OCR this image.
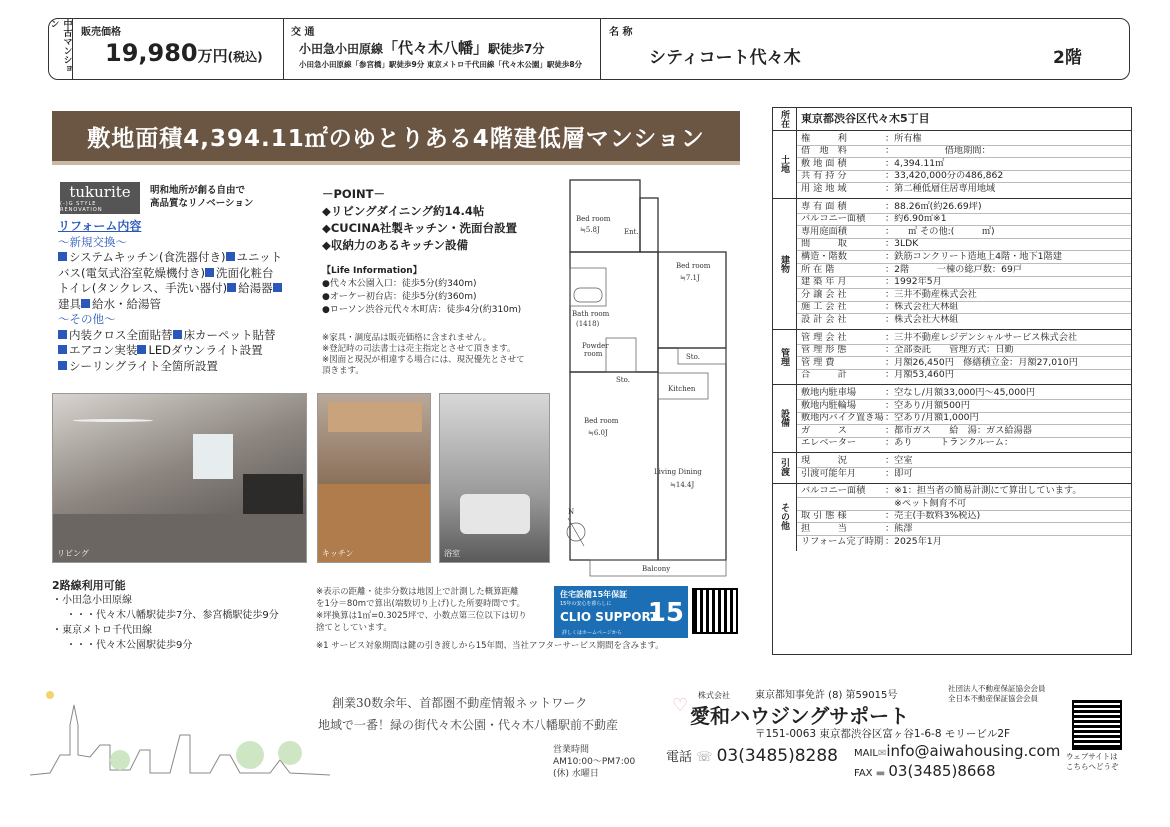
中古マンション
販売価格
19,980万円(税込)
交 通
小田急小田原線「代々木八幡」駅徒歩7分
小田急小田原線「参宮橋」駅徒歩9分 東京メトロ千代田線「代々木公園」駅徒歩8分
名 称
シティコート代々木	2階
敷地面積4,394.11㎡のゆとりある4階建低層マンション
tukurite
(-)G STYLE RENOVATION
明和地所が創る自由で
高品質なリノベーション
リフォーム内容
～新規交換～
システムキッチン(食洗器付き) ユニット
バス(電気式浴室乾燥機付き) 洗面化粧台
トイレ(タンクレス、手洗い器付) 給湯器
建具 給水・給湯管
～その他～
内装クロス全面貼替 床カーペット貼替
エアコン実装 LEDダウンライト設置
シーリングライト全箇所設置
－POINT－
◆リビングダイニング約14.4帖
◆CUCINA社製キッチン・洗面台設置
◆収納力のあるキッチン設備
【Life Information】
●代々木公園入口：徒歩5分(約340m)
●オーケー初台店：徒歩5分(約360m)
●ローソン渋谷元代々木町店：徒歩4分(約310m)
※家具・調度品は販売価格に含まれません。
※登記時の司法書士は売主指定とさせて頂きます。
※図面と現況が相違する場合には、現況優先とさせて
頂きます。
Bed room
≒5.8J	Ent.
Bed room
≒7.1J
Bath room
(1418)
Powder
room	Sto.
Sto.
Kitchen
Bed room
≒6.0J
Living Dining
≒14.4J
Balcony
N
リビング	キッチン	浴室
2路線利用可能
・小田急小田原線
・・・代々木八幡駅徒歩7分、参宮橋駅徒歩9分
・東京メトロ千代田線
・・・代々木公園駅徒歩9分
※表示の距離・徒歩分数は地図上で計測した概算距離
を1分＝80mで算出(端数切り上げ)した所要時間です。
※坪換算は1㎡=0.3025坪で、小数点第三位以下は切り
捨てとしています。
住宅設備15年保証
15年の安心を暮らしに
CLIO SUPPORT
15
詳しくはホームページから
※1 サービス対象期間は鍵の引き渡しから15年間、当社アフターサービス期間を含みます。
所在	東京都渋谷区代々木5丁目
土地
権　　　利	：所有権
借　地　料	：　　　　　　借地期間：
敷 地 面 積	：4,394.11㎡
共 有 持 分	：33,420,000分の486,862
用 途 地 域	：第二種低層住居専用地域
建物
専 有 面 積	：88.26㎡(約26.69坪)
バルコニー面積 ：約6.90㎡※1
専用庭面積	：　　㎡ その他:(　　　㎡)
間　　　取	：3LDK
構造・階数	：鉄筋コンクリート造地上4階・地下1階建
所 在 階	：2階　　　一棟の総戸数：69戸
建 築 年 月	：1992年5月
分 譲 会 社	：三井不動産株式会社
施 工 会 社	：株式会社大林組
設 計 会 社	：株式会社大林組
管理
管 理 会 社	：三井不動産レジデンシャルサービス株式会社
管 理 形 態	：全部委託　　管理方式：日勤
管 理 費	：月額26,450円　修繕積立金：月額27,010円
合　　　計	：月額53,460円
設備
敷地内駐車場	：空なし/月額33,000円～45,000円
敷地内駐輪場	：空あり/月額500円
敷地内バイク置き場：空あり/月額1,000円
ガ　　　ス	：都市ガス　　給　湯：ガス給湯器
エレベーター	：あり　　　トランクルーム：
引渡	現　　　況	：空室
引渡可能年月	：即可
その他
バルコニー面積 ：※1：担当者の簡易計測にて算出しています。
　※ペット飼育不可
取 引 態 様	：売主(手数料3%税込)
担　　　当	：熊澤
リフォーム完了時期 ：2025年1月
創業30数余年、首都圏不動産情報ネットワーク
地域で一番！緑の街代々木公園・代々木八幡駅前不動産
営業時間
AM10:00～PM7:00
(休) 水曜日
♡ 株式会社
愛和ハウジングサポート
東京都知事免許 (8) 第59015号
社団法人不動産保証協会会員
全日本不動産保証協会会員
〒151-0063 東京都渋谷区富ヶ谷1-6-8 モリービル2F
電話 ☏ 03(3485)8288 MAIL✉info@aiwahousing.com
FAX ▬ 03(3485)8668
ウェブサイトは
こちらへどうぞ
